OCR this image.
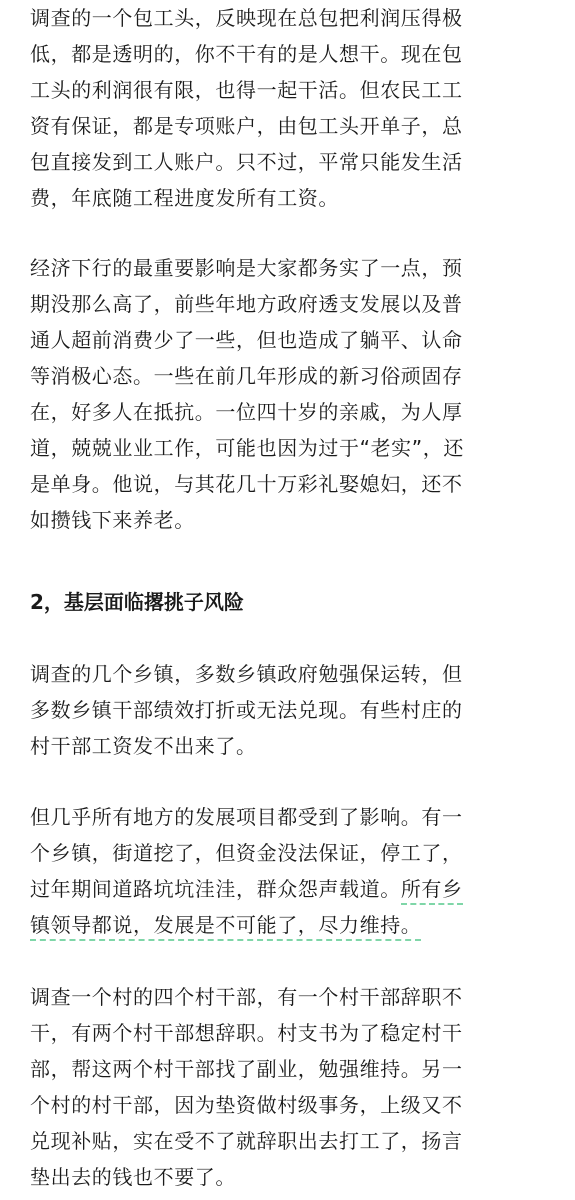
调查的一个包工头，反映现在总包把利润压得极
低，都是透明的，你不干有的是人想干。现在包
工头的利润很有限，也得一起干活。但农民工工
资有保证，都是专项账户，由包工头开单子，总
包直接发到工人账户。只不过，平常只能发生活
费，年底随工程进度发所有工资。
经济下行的最重要影响是大家都务实了一点，预
期没那么高了，前些年地方政府透支发展以及普
通人超前消费少了一些，但也造成了躺平、认命
等消极心态。一些在前几年形成的新习俗顽固存
在，好多人在抵抗。一位四十岁的亲戚，为人厚
道，兢兢业业工作，可能也因为过于“老实”，还
是单身。他说，与其花几十万彩礼娶媳妇，还不
如攒钱下来养老。
2，基层面临撂挑子风险
调查的几个乡镇，多数乡镇政府勉强保运转，但
多数乡镇干部绩效打折或无法兑现。有些村庄的
村干部工资发不出来了。
但几乎所有地方的发展项目都受到了影响。有一
个乡镇，街道挖了，但资金没法保证，停工了，
过年期间道路坑坑洼洼，群众怨声载道。所有乡
镇领导都说，发展是不可能了，尽力维持。
调查一个村的四个村干部，有一个村干部辞职不
干，有两个村干部想辞职。村支书为了稳定村干
部，帮这两个村干部找了副业，勉强维持。另一
个村的村干部，因为垫资做村级事务，上级又不
兑现补贴，实在受不了就辞职出去打工了，扬言
垫出去的钱也不要了。
